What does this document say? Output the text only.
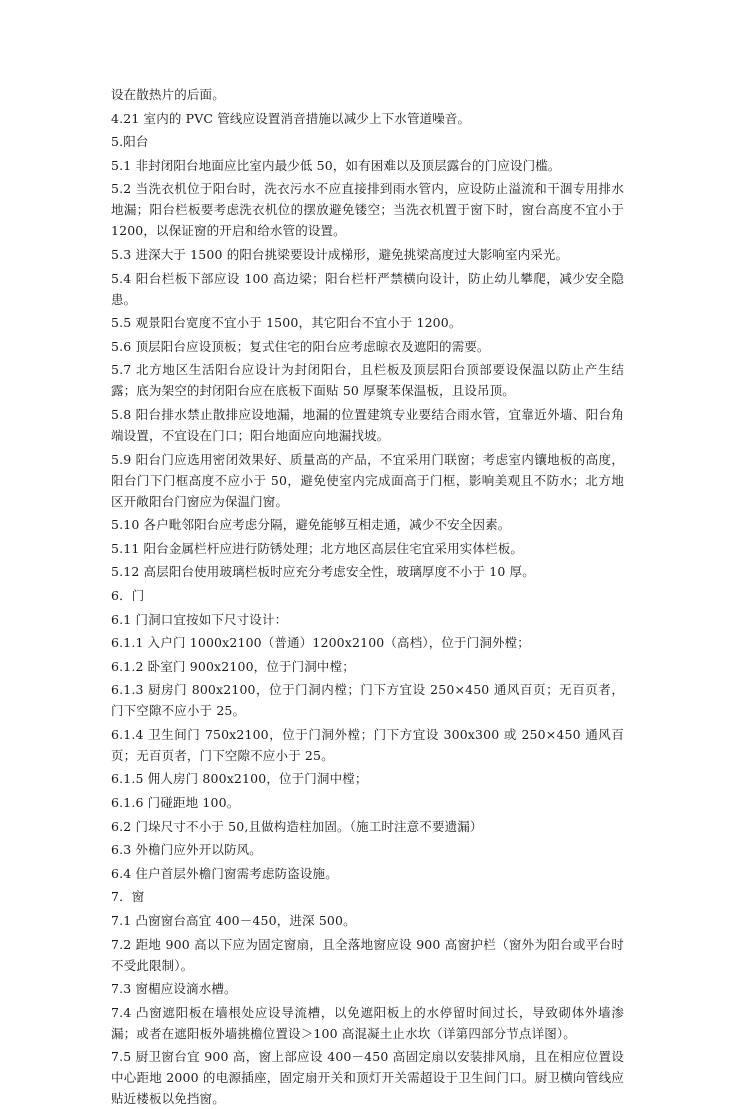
设在散热片的后面。

4.21 室内的 PVC 管线应设置消音措施以减少上下水管道噪音。

5.阳台

5.1 非封闭阳台地面应比室内最少低 50，如有困难以及顶层露台的门应设门槛。

5.2 当洗衣机位于阳台时，洗衣污水不应直接排到雨水管内，应设防止溢流和干涸专用排水地漏；阳台栏板要考虑洗衣机位的摆放避免镂空；当洗衣机置于窗下时，窗台高度不宜小于 1200，以保证窗的开启和给水管的设置。

5.3 进深大于 1500 的阳台挑梁要设计成梯形，避免挑梁高度过大影响室内采光。

5.4 阳台栏板下部应设 100 高边梁；阳台栏杆严禁横向设计，防止幼儿攀爬，减少安全隐患。

5.5 观景阳台宽度不宜小于 1500，其它阳台不宜小于 1200。

5.6 顶层阳台应设顶板；复式住宅的阳台应考虑晾衣及遮阳的需要。

5.7 北方地区生活阳台应设计为封闭阳台，且栏板及顶层阳台顶部要设保温以防止产生结露；底为架空的封闭阳台应在底板下面贴 50 厚聚苯保温板，且设吊顶。

5.8 阳台排水禁止散排应设地漏，地漏的位置建筑专业要结合雨水管，宜靠近外墙、阳台角端设置，不宜设在门口；阳台地面应向地漏找坡。

5.9 阳台门应选用密闭效果好、质量高的产品，不宜采用门联窗；考虑室内镶地板的高度，阳台门下门框高度不应小于 50，避免使室内完成面高于门框，影响美观且不防水；北方地区开敞阳台门窗应为保温门窗。

5.10 各户毗邻阳台应考虑分隔，避免能够互相走通，减少不安全因素。

5.11 阳台金属栏杆应进行防锈处理；北方地区高层住宅宜采用实体栏板。

5.12 高层阳台使用玻璃栏板时应充分考虑安全性，玻璃厚度不小于 10 厚。

6．门

6.1 门洞口宜按如下尺寸设计：

6.1.1 入户门 1000x2100（普通）1200x2100（高档），位于门洞外樘；

6.1.2 卧室门 900x2100，位于门洞中樘；

6.1.3 厨房门 800x2100，位于门洞内樘；门下方宜设 250×450 通风百页；无百页者，门下空隙不应小于 25。

6.1.4 卫生间门 750x2100，位于门洞外樘；门下方宜设 300x300 或 250×450 通风百页；无百页者，门下空隙不应小于 25。

6.1.5 佣人房门 800x2100，位于门洞中樘；

6.1.6 门碰距地 100。

6.2 门垛尺寸不小于 50,且做构造柱加固。（施工时注意不要遗漏）

6.3 外檐门应外开以防风。

6.4 住户首层外檐门窗需考虑防盗设施。

7．窗

7.1 凸窗窗台高宜 400－450，进深 500。

7.2 距地 900 高以下应为固定窗扇，且全落地窗应设 900 高窗护栏（窗外为阳台或平台时不受此限制）。

7.3 窗楣应设滴水槽。

7.4 凸窗遮阳板在墙根处应设导流槽，以免遮阳板上的水停留时间过长，导致砌体外墙渗漏；或者在遮阳板外墙挑檐位置设＞100 高混凝土止水坎（详第四部分节点详图）。

7.5 厨卫窗台宜 900 高，窗上部应设 400－450 高固定扇以安装排风扇，且在相应位置设中心距地 2000 的电源插座，固定扇开关和顶灯开关需超设于卫生间门口。厨卫横向管线应贴近楼板以免挡窗。
